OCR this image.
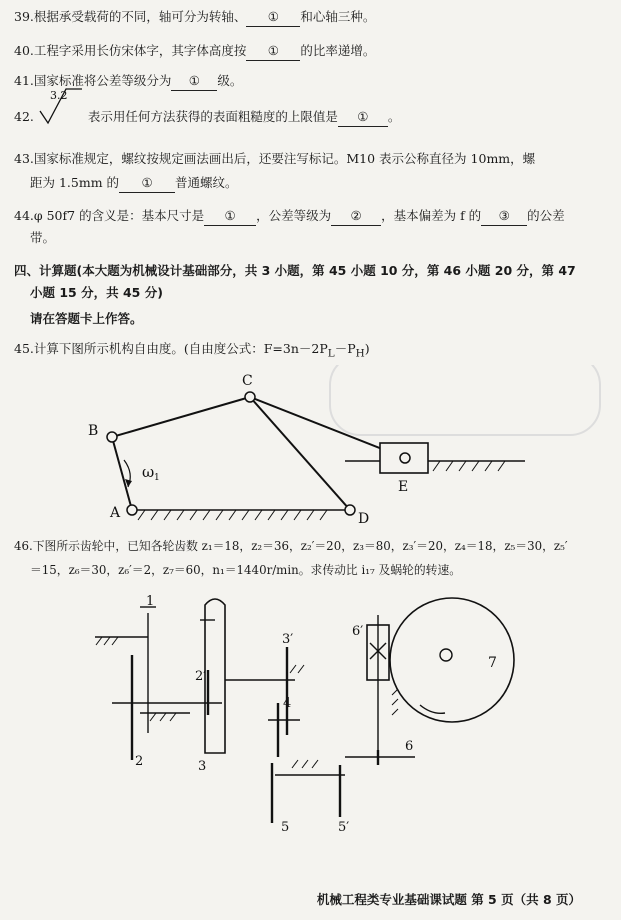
39.根据承受载荷的不同，轴可分为转轴、 ① 和心轴三种。
40.工程字采用长仿宋体字，其字体高度按 ① 的比率递增。
41.国家标准将公差等级分为 ① 级。
42.
3.2
表示用任何方法获得的表面粗糙度的上限值是 ① 。
43.国家标准规定，螺纹按规定画法画出后，还要注写标记。M10 表示公称直径为 10mm，螺
距为 1.5mm 的 ① 普通螺纹。
44.φ 50f7 的含义是：基本尺寸是 ① ，公差等级为 ② ，基本偏差为 f 的 ③ 的公差
带。
四、计算题(本大题为机械设计基础部分，共 3 小题，第 45 小题 10 分，第 46 小题 20 分，第 47
小题 15 分，共 45 分)
请在答题卡上作答。
45.计算下图所示机构自由度。(自由度公式：$F=3n-2P_L-P_H$)
B
C
A	D
E
ω 1
46.下图所示齿轮中，已知各轮齿数 z₁＝18，z₂＝36，z₂′＝20，z₃＝80，z₃′＝20，z₄＝18，z₅＝30，z₅′
＝15，z₆＝30，z₆′＝2，z₇＝60，n₁＝1440r/min。求传动比 i₁₇ 及蜗轮的转速。
1
2
2′
3
3′
4
5	5′
6
6′
7
机械工程类专业基础课试题 第 5 页（共 8 页）
